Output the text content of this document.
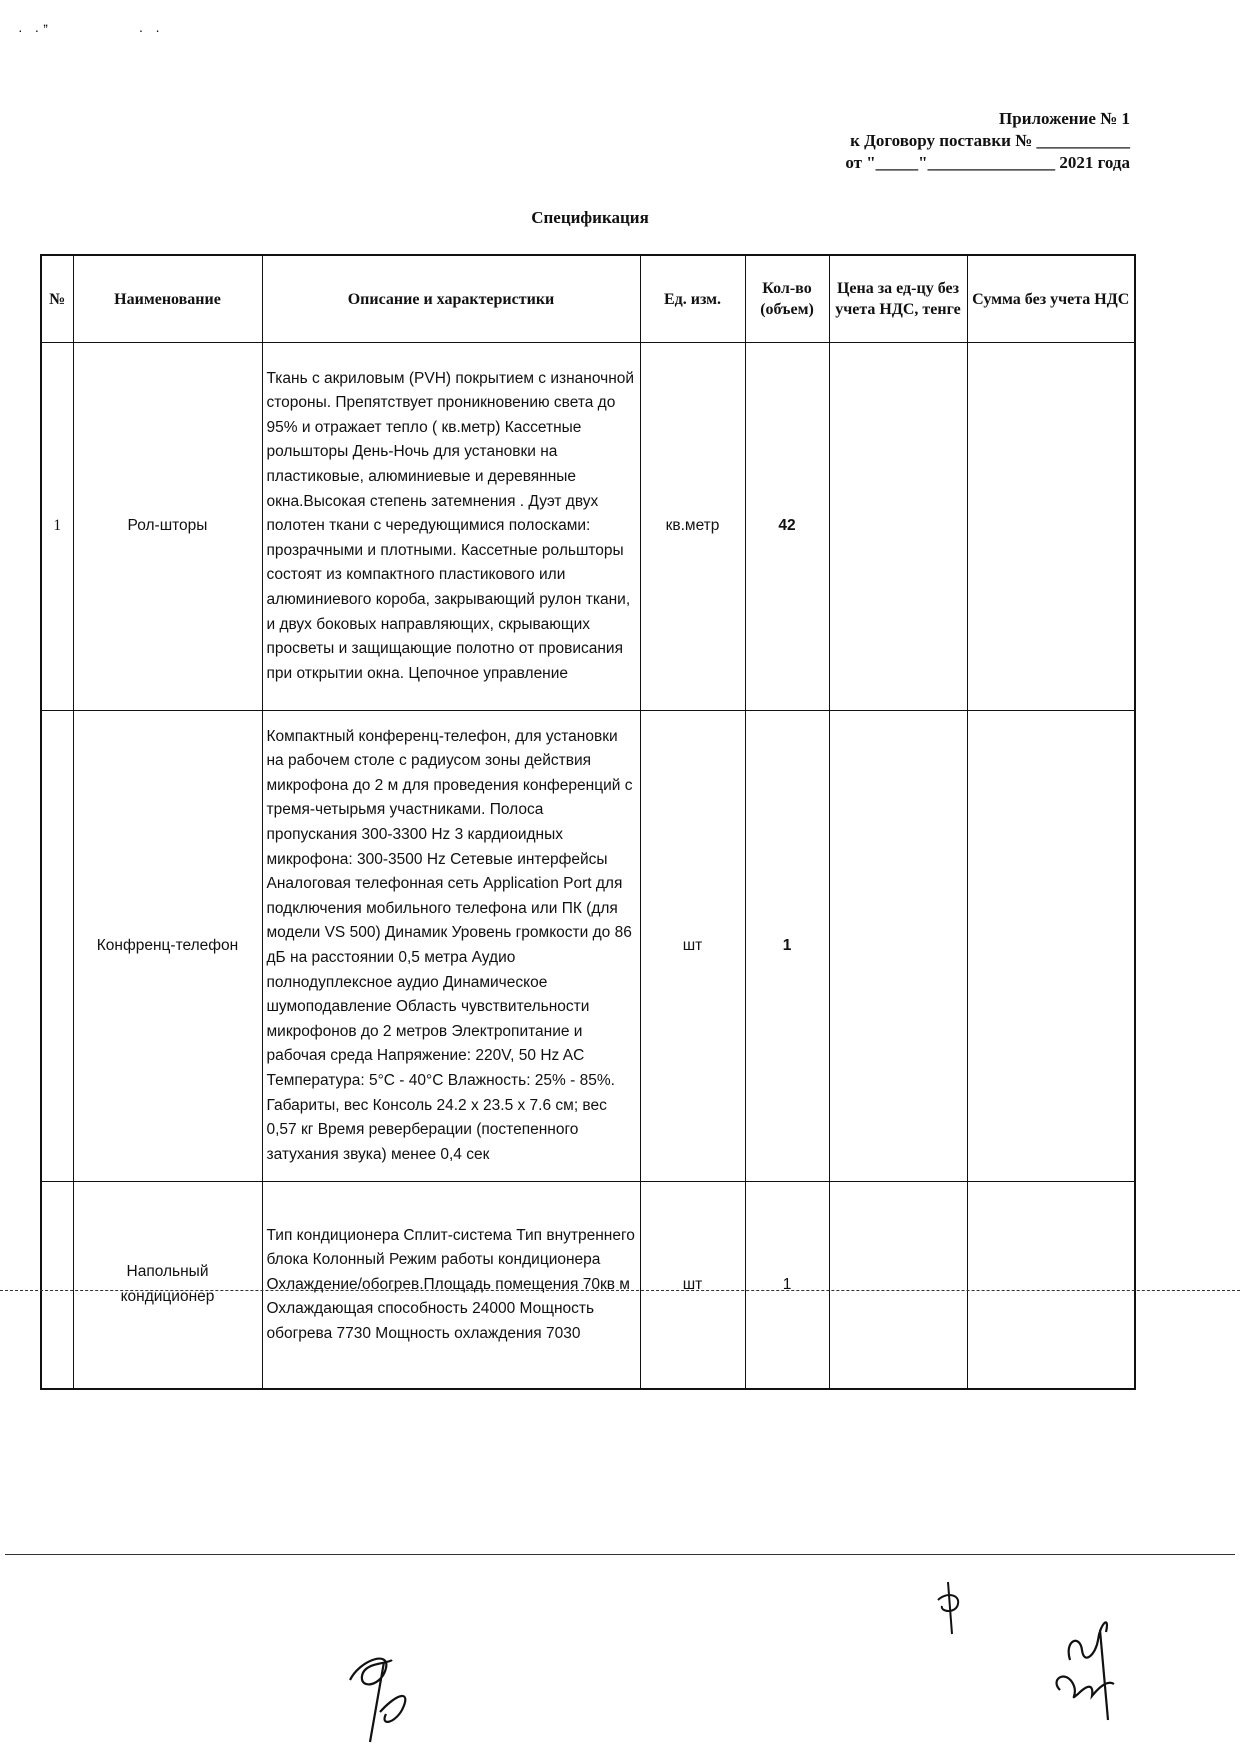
· ·ˮ           · ·
Приложение № 1
к Договору поставки № ___________
от "_____"_______________ 2021 года
Спецификация
№	Наименование	Описание и характеристики	Ед. изм.	Кол-во (объем)	Цена за ед-цу без учета НДС, тенге	Сумма без учета НДС
1	Рол-шторы	Ткань с акриловым (PVH) покрытием с изнаночной стороны. Препятствует проникновению света до 95% и отражает тепло ( кв.метр) Кассетные рольшторы День-Ночь для установки на пластиковые, алюминиевые и деревянные окна.Высокая степень затемнения . Дуэт двух полотен ткани с чередующимися полосками: прозрачными и плотными. Кассетные рольшторы состоят из компактного пластикового или алюминиевого короба, закрывающий рулон ткани, и двух боковых направляющих, скрывающих просветы и защищающие полотно от провисания при открытии окна. Цепочное управление	кв.метр	42		
	Конфренц-телефон	Компактный конференц-телефон, для установки на рабочем столе с радиусом зоны действия микрофона до 2 м для проведения конференций с тремя-четырьмя участниками. Полоса пропускания 300-3300 Hz 3 кардиоидных микрофона: 300-3500 Hz Сетевые интерфейсы Аналоговая телефонная сеть Application Port для подключения мобильного телефона или ПК (для модели VS 500) Динамик Уровень громкости до 86 дБ на расстоянии 0,5 метра Аудио полнодуплексное аудио Динамическое шумоподавление Область чувствительности микрофонов до 2 метров Электропитание и рабочая среда Напряжение: 220V, 50 Hz AC Температура: 5°C - 40°C Влажность: 25% - 85%. Габариты, вес Консоль 24.2 x 23.5 x 7.6 см; вес 0,57 кг Время реверберации (постепенного затухания звука) менее 0,4 сек	шт	1		
	Напольный кондиционер	Тип кондиционера Сплит-система Тип внутреннего блока Колонный Режим работы кондиционера Охлаждение/обогрев.Площадь помещения 70кв м Охлаждающая способность 24000 Мощность обогрева 7730 Мощность охлаждения 7030	шт	1		
